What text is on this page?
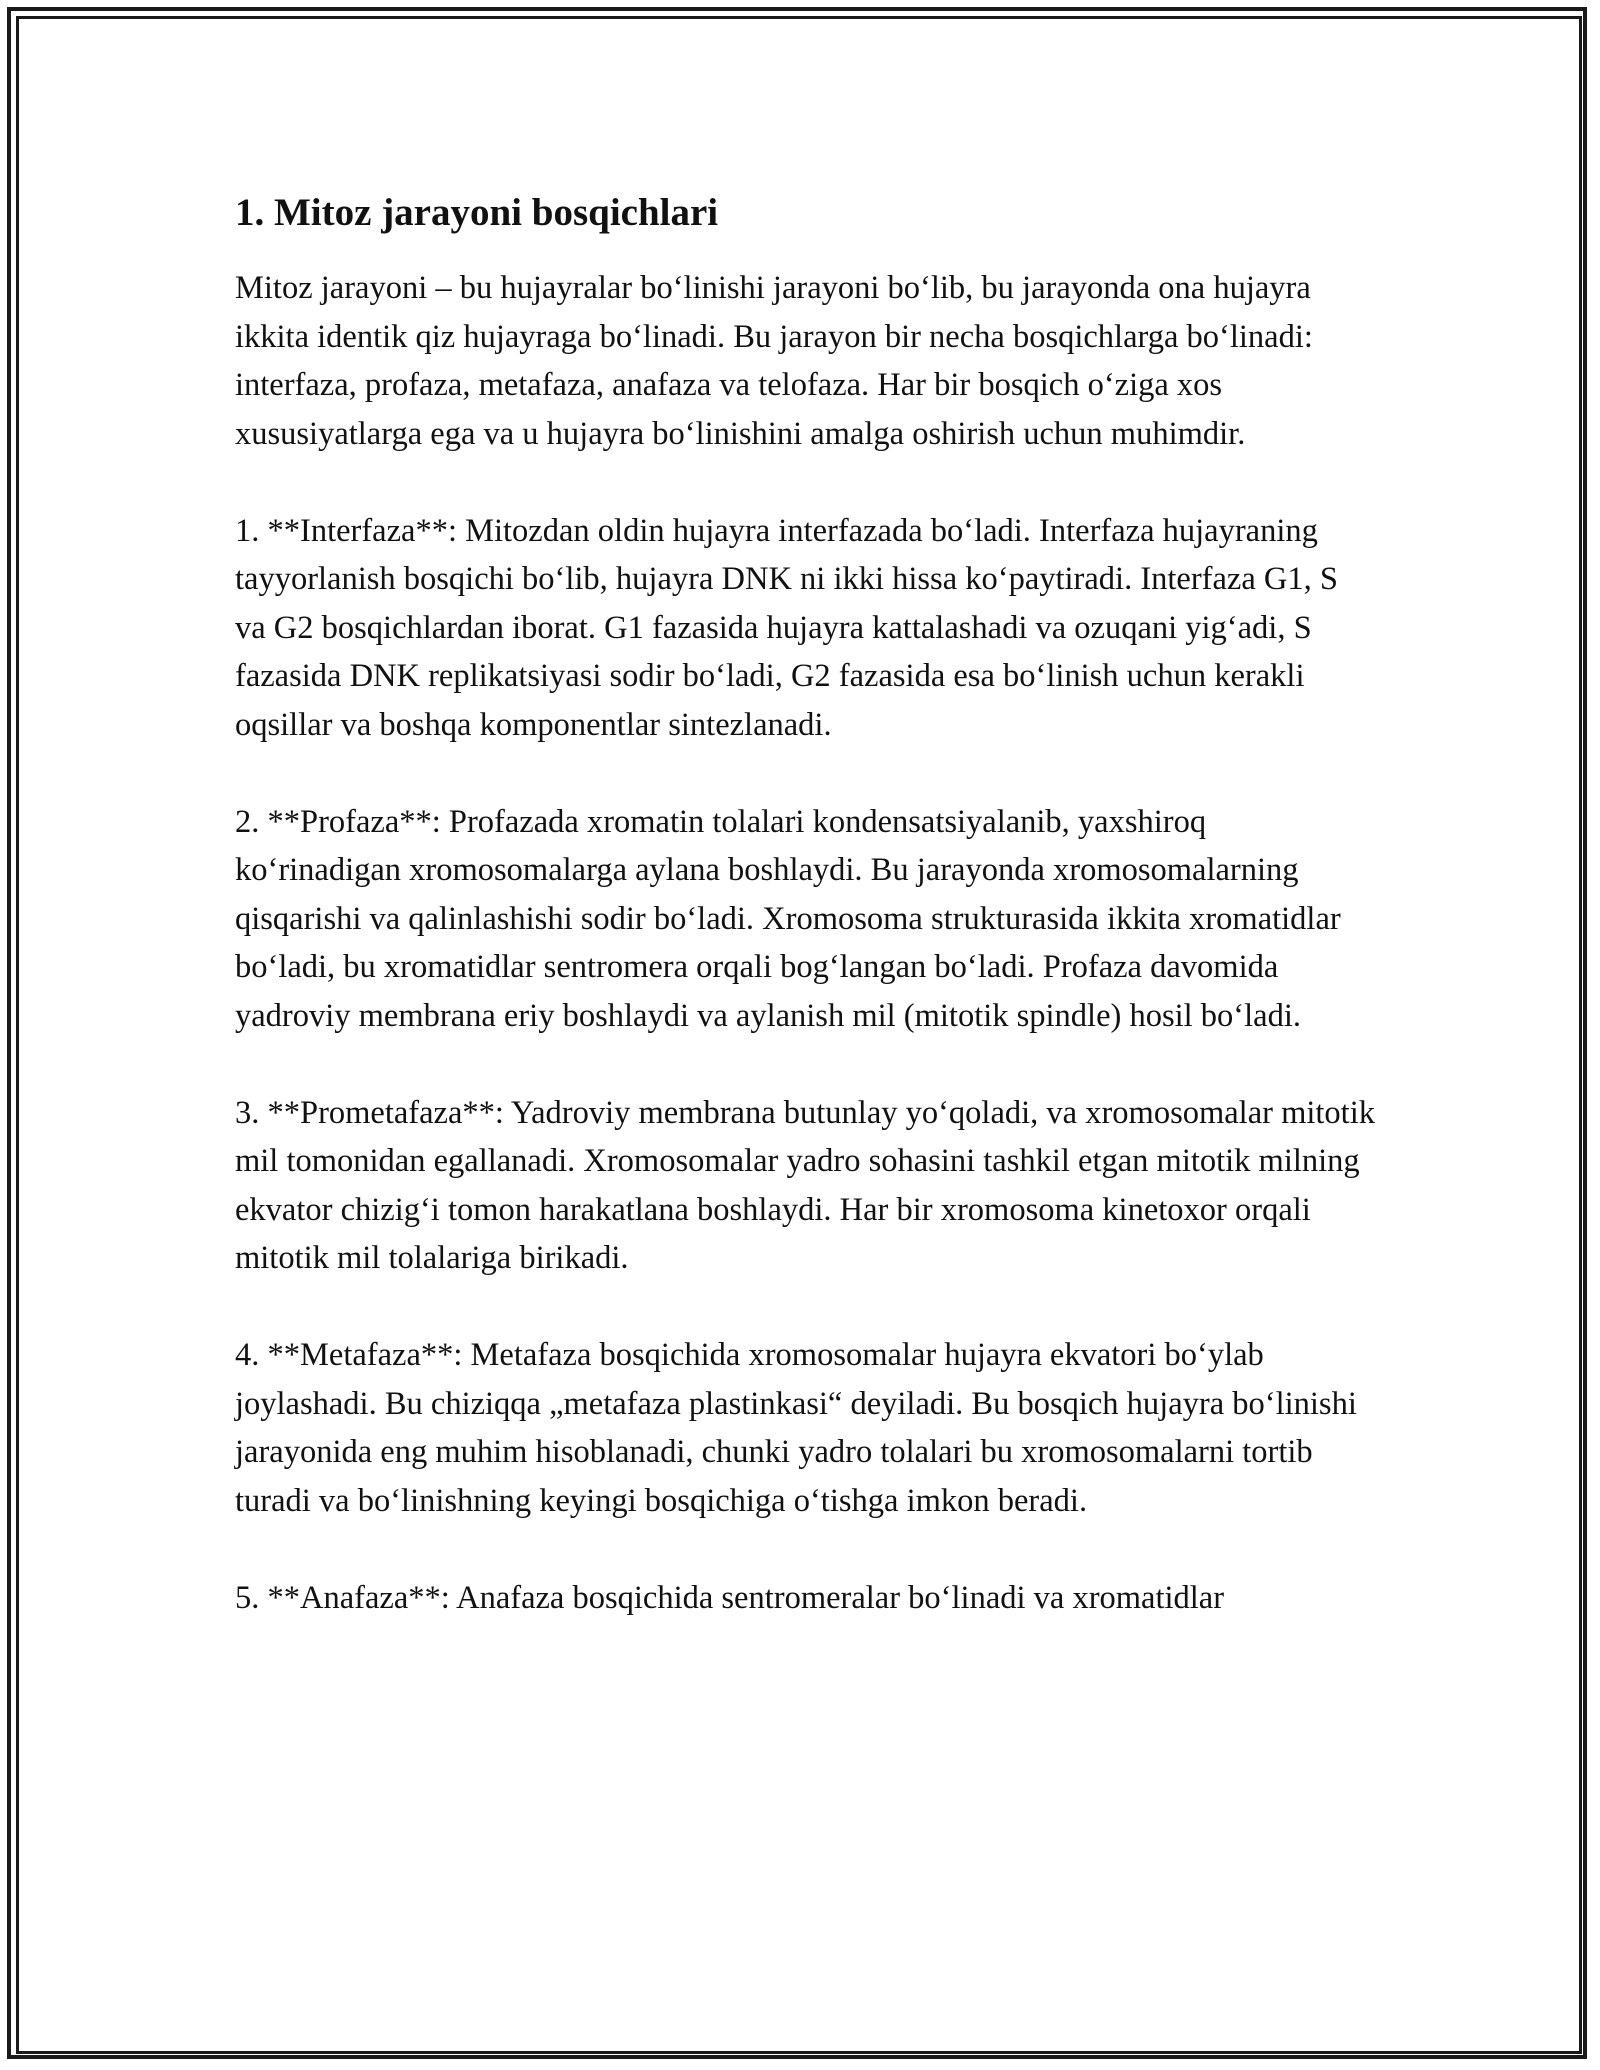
1. Mitoz jarayoni bosqichlari

Mitoz jarayoni – bu hujayralar bo‘linishi jarayoni bo‘lib, bu jarayonda ona hujayra ikkita identik qiz hujayraga bo‘linadi. Bu jarayon bir necha bosqichlarga bo‘linadi: interfaza, profaza, metafaza, anafaza va telofaza. Har bir bosqich o‘ziga xos xususiyatlarga ega va u hujayra bo‘linishini amalga oshirish uchun muhimdir.

1. **Interfaza**: Mitozdan oldin hujayra interfazada bo‘ladi. Interfaza hujayraning tayyorlanish bosqichi bo‘lib, hujayra DNK ni ikki hissa ko‘paytiradi. Interfaza G1, S va G2 bosqichlardan iborat. G1 fazasida hujayra kattalashadi va ozuqani yig‘adi, S fazasida DNK replikatsiyasi sodir bo‘ladi, G2 fazasida esa bo‘linish uchun kerakli oqsillar va boshqa komponentlar sintezlanadi.

2. **Profaza**: Profazada xromatin tolalari kondensatsiyalanib, yaxshiroq ko‘rinadigan xromosomalarga aylana boshlaydi. Bu jarayonda xromosomalarning qisqarishi va qalinlashishi sodir bo‘ladi. Xromosoma strukturasida ikkita xromatidlar bo‘ladi, bu xromatidlar sentromera orqali bog‘langan bo‘ladi. Profaza davomida yadroviy membrana eriy boshlaydi va aylanish mil (mitotik spindle) hosil bo‘ladi.

3. **Prometafaza**: Yadroviy membrana butunlay yo‘qoladi, va xromosomalar mitotik mil tomonidan egallanadi. Xromosomalar yadro sohasini tashkil etgan mitotik milning ekvator chizig‘i tomon harakatlana boshlaydi. Har bir xromosoma kinetoxor orqali mitotik mil tolalariga birikadi.

4. **Metafaza**: Metafaza bosqichida xromosomalar hujayra ekvatori bo‘ylab joylashadi. Bu chiziqqa „metafaza plastinkasi“ deyiladi. Bu bosqich hujayra bo‘linishi jarayonida eng muhim hisoblanadi, chunki yadro tolalari bu xromosomalarni tortib turadi va bo‘linishning keyingi bosqichiga o‘tishga imkon beradi.

5. **Anafaza**: Anafaza bosqichida sentromeralar bo‘linadi va xromatidlar
